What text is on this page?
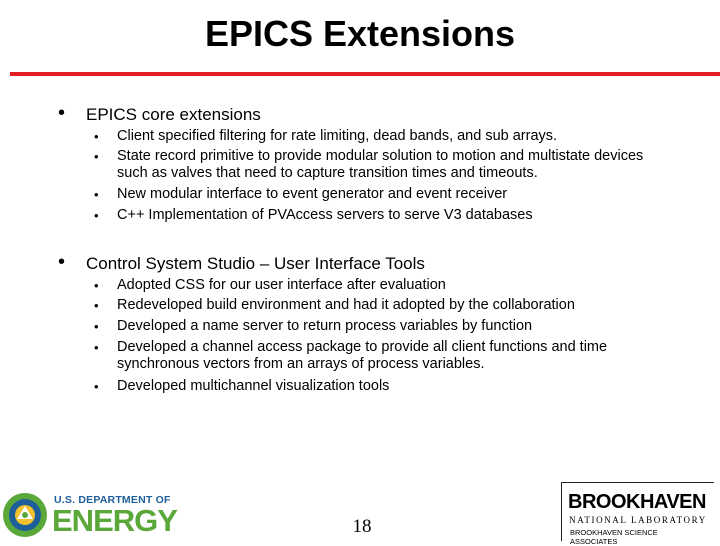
EPICS Extensions
• EPICS core extensions
• Client specified filtering for rate limiting, dead bands, and sub arrays.
• State record primitive to provide modular solution to motion and multistate devices such as valves that need to capture transition times and timeouts.
• New modular interface to event generator and event receiver
• C++ Implementation of PVAccess servers to serve V3 databases
• Control System Studio – User Interface Tools
• Adopted CSS for our user interface after evaluation
• Redeveloped build environment and had it adopted by the collaboration
• Developed a name server to return process variables by function
• Developed a channel access package to provide all client functions and time synchronous vectors from an arrays of process variables.
• Developed multichannel visualization tools
U.S. DEPARTMENT OF
ENERGY	18
BROOKHAVEN
NATIONAL LABORATORY
BROOKHAVEN SCIENCE
ASSOCIATES
